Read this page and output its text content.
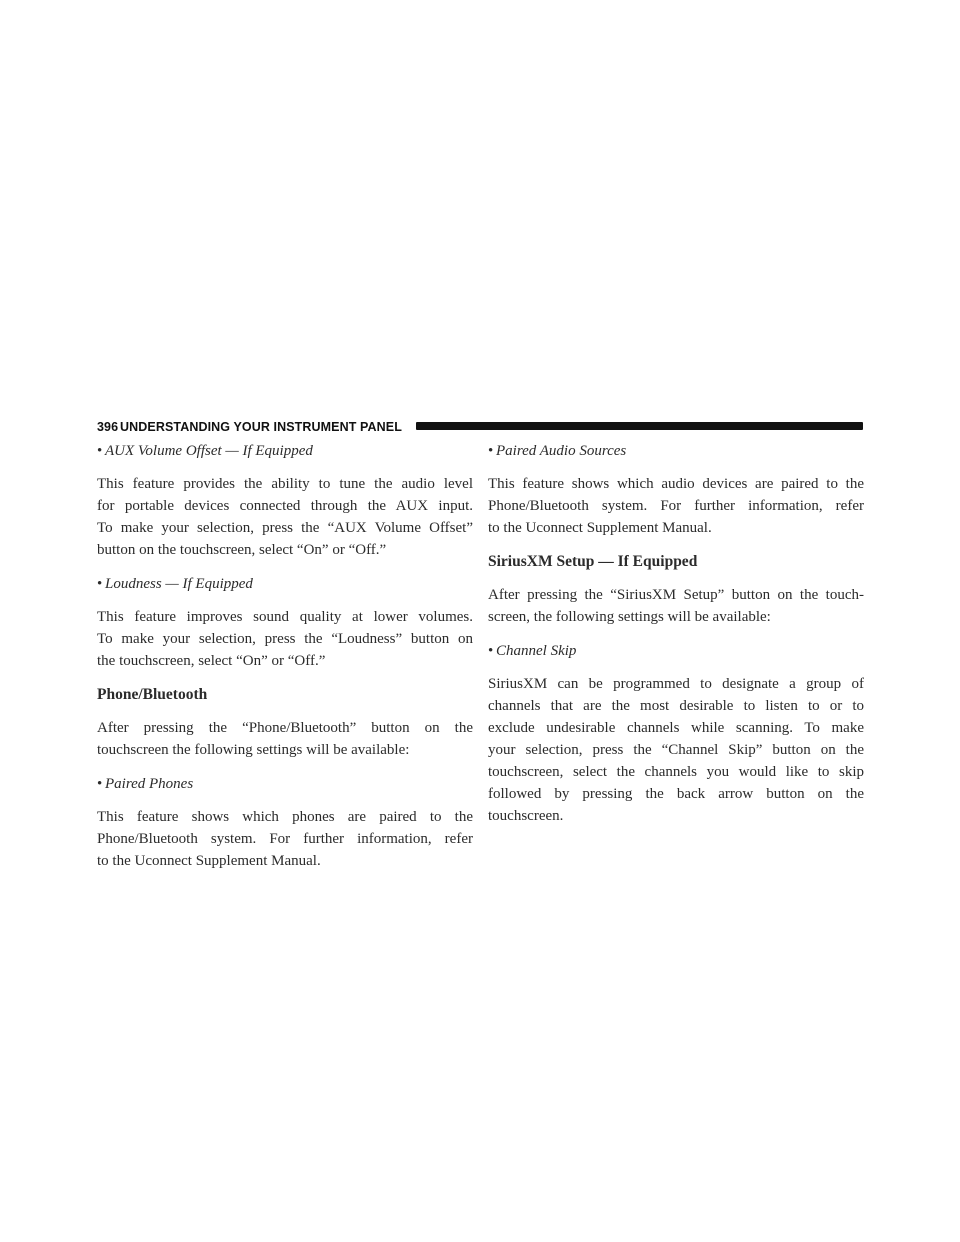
396 UNDERSTANDING YOUR INSTRUMENT PANEL
• AUX Volume Offset — If Equipped

This feature provides the ability to tune the audio level

for portable devices connected through the AUX input.

To make your selection, press the “AUX Volume Offset”

button on the touchscreen, select “On” or “Off.”

• Loudness — If Equipped

This feature improves sound quality at lower volumes.

To make your selection, press the “Loudness” button on

the touchscreen, select “On” or “Off.”

Phone/Bluetooth

After pressing the “Phone/Bluetooth” button on the

touchscreen the following settings will be available:

• Paired Phones

This feature shows which phones are paired to the

Phone/Bluetooth system. For further information, refer

to the Uconnect Supplement Manual.

• Paired Audio Sources

This feature shows which audio devices are paired to the

Phone/Bluetooth system. For further information, refer

to the Uconnect Supplement Manual.

SiriusXM Setup — If Equipped

After pressing the “SiriusXM Setup” button on the touch-

screen, the following settings will be available:

• Channel Skip

SiriusXM can be programmed to designate a group of

channels that are the most desirable to listen to or to

exclude undesirable channels while scanning. To make

your selection, press the “Channel Skip” button on the

touchscreen, select the channels you would like to skip

followed by pressing the back arrow button on the

touchscreen.
